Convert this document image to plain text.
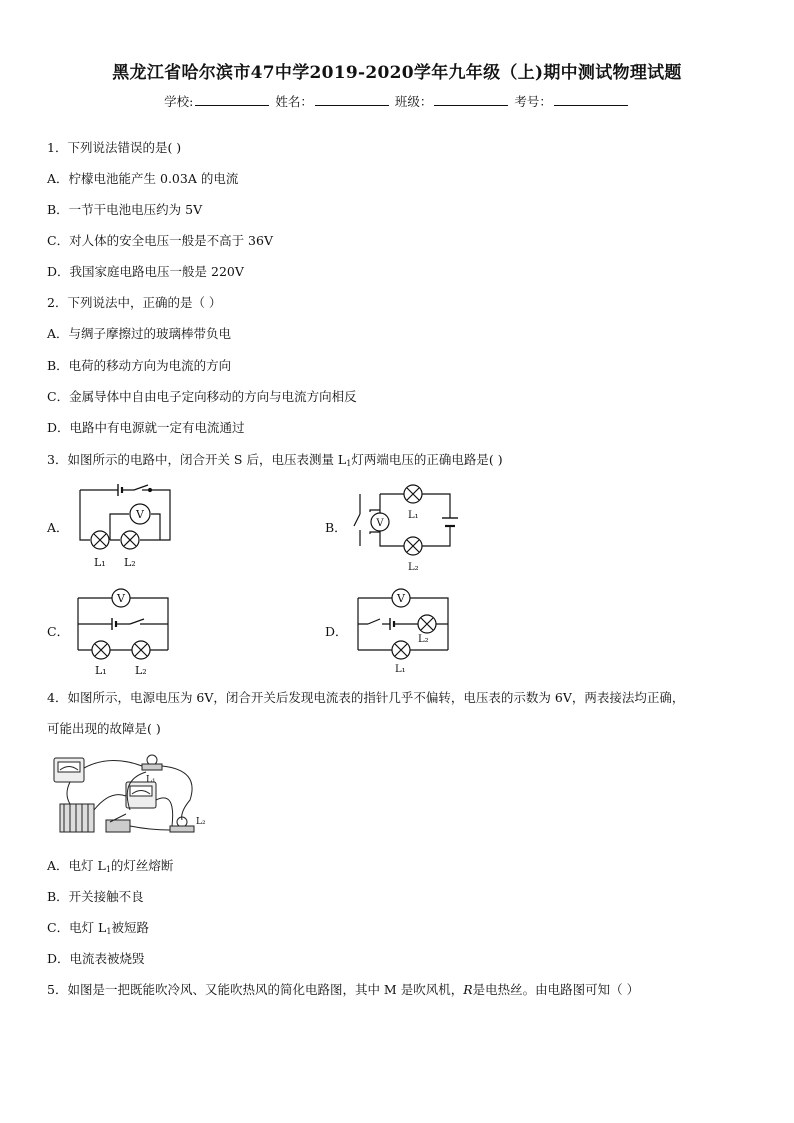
黑龙江省哈尔滨市47中学2019-2020学年九年级（上)期中测试物理试题
学校:	姓名：	班级：	考号：
1．下列说法错误的是( )
A．柠檬电池能产生 0.03A 的电流
B．一节干电池电压约为 5V
C．对人体的安全电压一般是不高于 36V
D．我国家庭电路电压一般是 220V
2．下列说法中，正确的是（ ）
A．与绸子摩擦过的玻璃棒带负电
B．电荷的移动方向为电流的方向
C．金属导体中自由电子定向移动的方向与电流方向相反
D．电路中有电源就一定有电流通过
3．如图所示的电路中，闭合开关 S 后，电压表测量 $L_1$灯两端电压的正确电路是( )
A．	B．
C．	D．
V
L₁ L₂
V
L₁
L₂
V
L₁	L₂
V
L₂
L₁
4．如图所示，电源电压为 6V，闭合开关后发现电流表的指针几乎不偏转，电压表的示数为 6V，两表接法均正确，
可能出现的故障是( )
L₁
L₂
A．电灯 $L_1$的灯丝熔断
B．开关接触不良
C．电灯 $L_1$被短路
D．电流表被烧毁
5．如图是一把既能吹冷风、又能吹热风的简化电路图，其中 M 是吹风机，R是电热丝。由电路图可知（ ）
